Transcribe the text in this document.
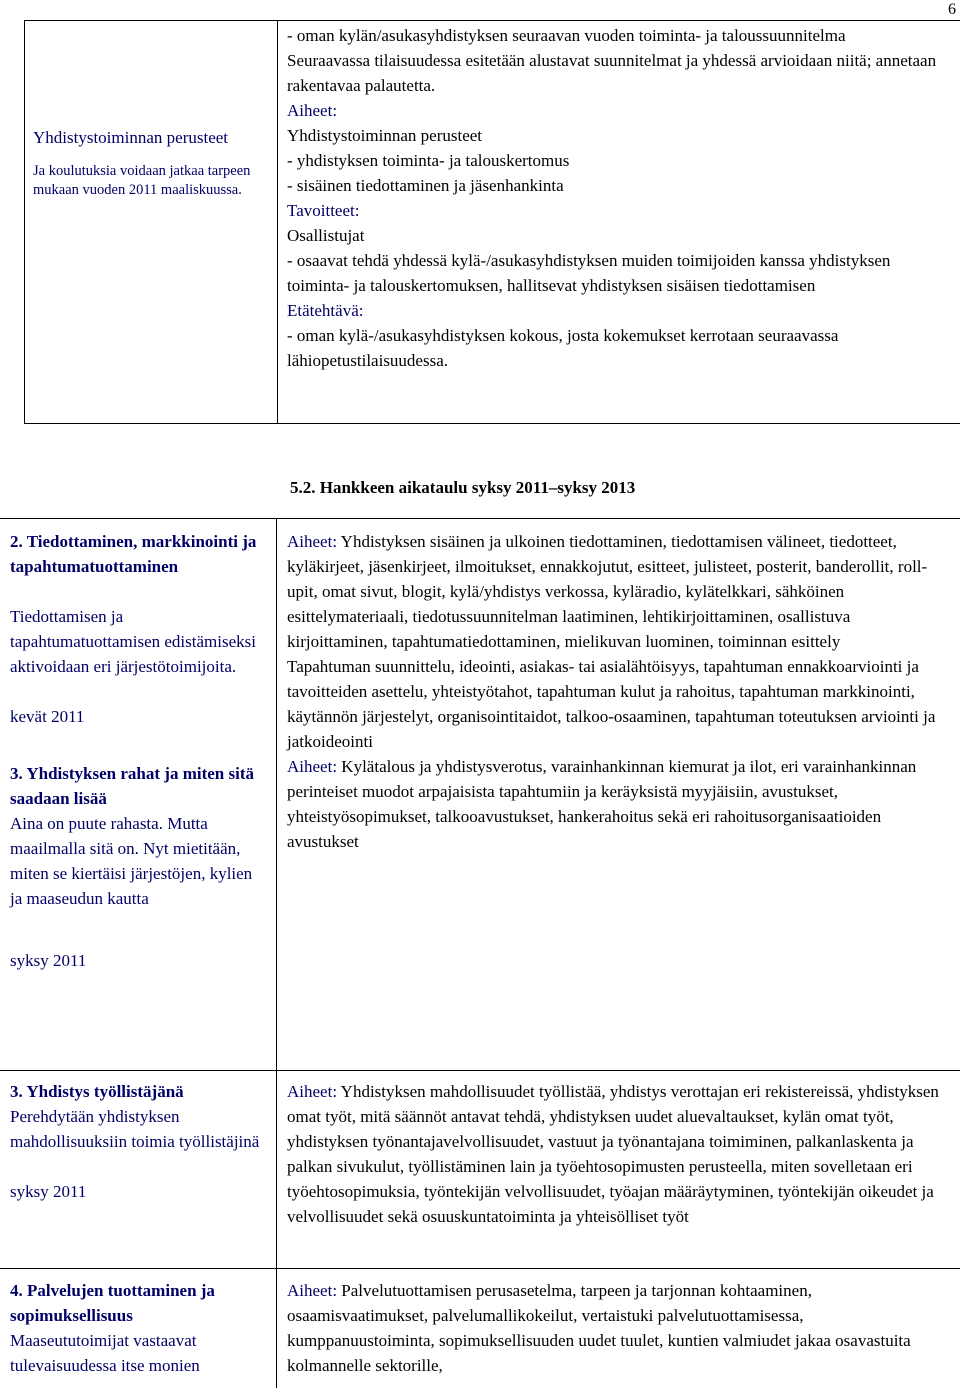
6
Yhdistystoiminnan perusteet
Ja koulutuksia voidaan jatkaa tarpeen mukaan vuoden 2011 maaliskuussa.

- oman kylän/asukasyhdistyksen seuraavan vuoden toiminta- ja taloussuunnitelma

Seuraavassa tilaisuudessa esitetään alustavat suunnitelmat ja yhdessä arvioidaan niitä; annetaan rakentavaa palautetta.

Aiheet:

Yhdistystoiminnan perusteet

- yhdistyksen toiminta- ja talouskertomus

- sisäinen tiedottaminen ja jäsenhankinta

Tavoitteet:

Osallistujat

- osaavat tehdä yhdessä kylä-/asukasyhdistyksen muiden toimijoiden kanssa yhdistyksen toiminta- ja talouskertomuksen, hallitsevat yhdistyksen sisäisen tiedottamisen

Etätehtävä:

- oman kylä-/asukasyhdistyksen kokous, josta kokemukset kerrotaan seuraavassa lähiopetustilaisuudessa.

5.2. Hankkeen aikataulu syksy 2011–syksy 2013

2. Tiedottaminen, markkinointi ja tapahtumatuottaminen

Tiedottamisen ja tapahtumatuottamisen edistämiseksi aktivoidaan eri järjestötoimijoita.

kevät 2011

3. Yhdistyksen rahat ja miten sitä saadaan lisää

Aina on puute rahasta. Mutta maailmalla sitä on. Nyt mietitään, miten se kiertäisi järjestöjen, kylien ja maaseudun kautta

syksy 2011

Aiheet: Yhdistyksen sisäinen ja ulkoinen tiedottaminen, tiedottamisen välineet, tiedotteet, kyläkirjeet, jäsenkirjeet, ilmoitukset, ennakkojutut, esitteet, julisteet, posterit, banderollit, roll-upit, omat sivut, blogit, kylä/yhdistys verkossa, kyläradio, kylätelkkari, sähköinen esittelymateriaali, tiedotussuunnitelman laatiminen, lehtikirjoittaminen, osallistuva kirjoittaminen, tapahtumatiedottaminen, mielikuvan luominen, toiminnan esittely

Tapahtuman suunnittelu, ideointi, asiakas- tai asialähtöisyys, tapahtuman ennakkoarviointi ja tavoitteiden asettelu, yhteistyötahot, tapahtuman kulut ja rahoitus, tapahtuman markkinointi, käytännön järjestelyt, organisointitaidot, talkoo-osaaminen, tapahtuman toteutuksen arviointi ja jatkoideointi

Aiheet: Kylätalous ja yhdistysverotus, varainhankinnan kiemurat ja ilot, eri varainhankinnan perinteiset muodot arpajaisista tapahtumiin ja keräyksistä myyjäisiin, avustukset, yhteistyösopimukset, talkooavustukset, hankerahoitus sekä eri rahoitusorganisaatioiden avustukset

3. Yhdistys työllistäjänä

Perehdytään yhdistyksen mahdollisuuksiin toimia työllistäjinä

syksy 2011

Aiheet: Yhdistyksen mahdollisuudet työllistää, yhdistys verottajan eri rekistereissä, yhdistyksen omat työt, mitä säännöt antavat tehdä, yhdistyksen uudet aluevaltaukset, kylän omat työt, yhdistyksen työnantajavelvollisuudet, vastuut ja työnantajana toimiminen, palkanlaskenta ja palkan sivukulut, työllistäminen lain ja työehtosopimusten perusteella, miten sovelletaan eri työehtosopimuksia, työntekijän velvollisuudet, työajan määräytyminen, työntekijän oikeudet ja velvollisuudet sekä osuuskuntatoiminta ja yhteisölliset työt

4. Palvelujen tuottaminen ja sopimuksellisuus

Maaseututoimijat vastaavat tulevaisuudessa itse monien

Aiheet: Palvelutuottamisen perusasetelma, tarpeen ja tarjonnan kohtaaminen, osaamisvaatimukset, palvelumallikokeilut, vertaistuki palvelutuottamisessa, kumppanuustoiminta, sopimuksellisuuden uudet tuulet, kuntien valmiudet jakaa osavastuita kolmannelle sektorille,
